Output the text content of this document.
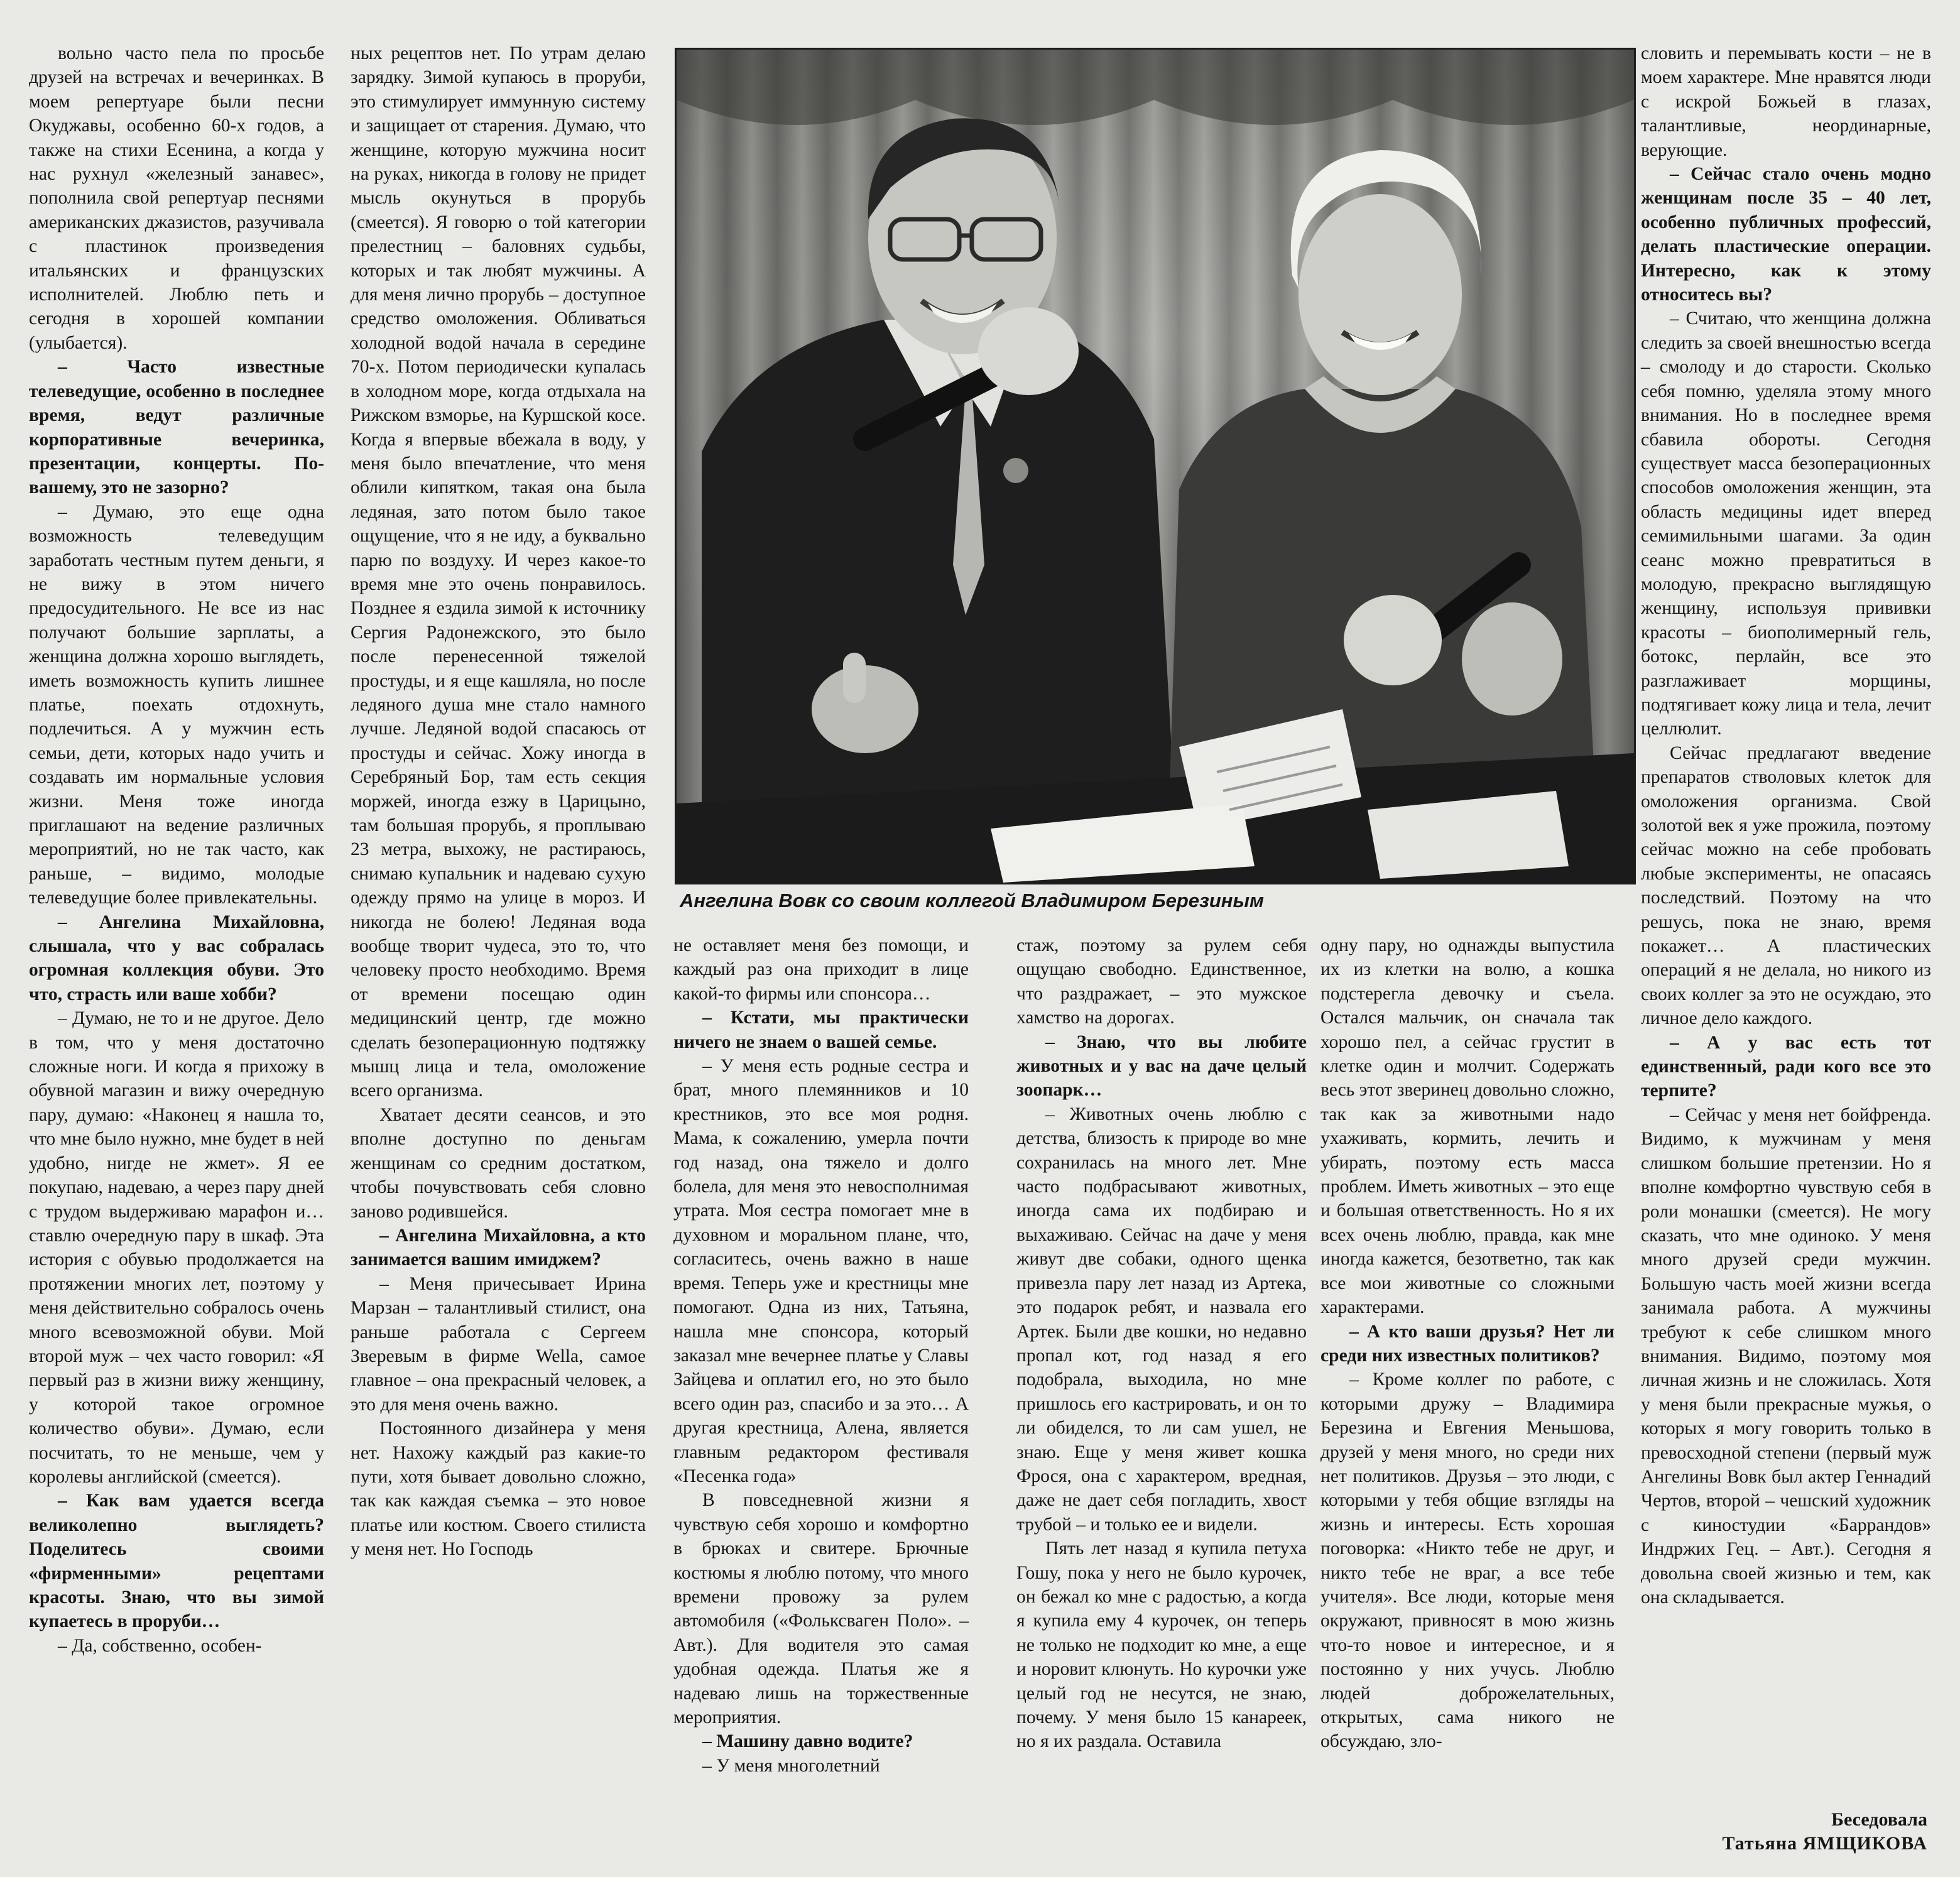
вольно часто пела по просьбе друзей на встречах и вечеринках. В моем репертуаре были песни Окуджавы, особенно 60-х годов, а также на стихи Есенина, а когда у нас рухнул «железный занавес», пополнила свой репертуар песнями американских джазистов, разучивала с пластинок произведения итальянских и французских исполнителей. Люблю петь и сегодня в хорошей компании (улыбается).

– Часто известные телеведущие, особенно в последнее время, ведут различные корпоративные вечеринка, презентации, концерты. По-вашему, это не зазорно?

– Думаю, это еще одна возможность телеведущим заработать честным путем деньги, я не вижу в этом ничего предосудительного. Не все из нас получают большие зарплаты, а женщина должна хорошо выглядеть, иметь возможность купить лишнее платье, поехать отдохнуть, подлечиться. А у мужчин есть семьи, дети, которых надо учить и создавать им нормальные условия жизни. Меня тоже иногда приглашают на ведение различных мероприятий, но не так часто, как раньше, – видимо, молодые телеведущие более привлекательны.

– Ангелина Михайловна, слышала, что у вас собралась огромная коллекция обуви. Это что, страсть или ваше хобби?

– Думаю, не то и не другое. Дело в том, что у меня достаточно сложные ноги. И когда я прихожу в обувной магазин и вижу очередную пару, думаю: «Наконец я нашла то, что мне было нужно, мне будет в ней удобно, нигде не жмет». Я ее покупаю, надеваю, а через пару дней с трудом выдерживаю марафон и… ставлю очередную пару в шкаф. Эта история с обувью продолжается на протяжении многих лет, поэтому у меня действительно собралось очень много всевозможной обуви. Мой второй муж – чех часто говорил: «Я первый раз в жизни вижу женщину, у которой такое огромное количество обуви». Думаю, если посчитать, то не меньше, чем у королевы английской (смеется).

– Как вам удается всегда великолепно выглядеть? Поделитесь своими «фирменными» рецептами красоты. Знаю, что вы зимой купаетесь в проруби…

– Да, собственно, особен-

ных рецептов нет. По утрам делаю зарядку. Зимой купаюсь в проруби, это стимулирует иммунную систему и защищает от старения. Думаю, что женщине, которую мужчина носит на руках, никогда в голову не придет мысль окунуться в прорубь (смеется). Я говорю о той категории прелестниц – баловнях судьбы, которых и так любят мужчины. А для меня лично прорубь – доступное средство омоложения. Обливаться холодной водой начала в середине 70-х. Потом периодически купалась в холодном море, когда отдыхала на Рижском взморье, на Куршской косе. Когда я впервые вбежала в воду, у меня было впечатление, что меня облили кипятком, такая она была ледяная, зато потом было такое ощущение, что я не иду, а буквально парю по воздуху. И через какое-то время мне это очень понравилось. Позднее я ездила зимой к источнику Сергия Радонежского, это было после перенесенной тяжелой простуды, и я еще кашляла, но после ледяного душа мне стало намного лучше. Ледяной водой спасаюсь от простуды и сейчас. Хожу иногда в Серебряный Бор, там есть секция моржей, иногда езжу в Царицыно, там большая прорубь, я проплываю 23 метра, выхожу, не растираюсь, снимаю купальник и надеваю сухую одежду прямо на улице в мороз. И никогда не болею! Ледяная вода вообще творит чудеса, это то, что человеку просто необходимо. Время от времени посещаю один медицинский центр, где можно сделать безоперационную подтяжку мышц лица и тела, омоложение всего организма.

Хватает десяти сеансов, и это вполне доступно по деньгам женщинам со средним достатком, чтобы почувствовать себя словно заново родившейся.

– Ангелина Михайловна, а кто занимается вашим имиджем?

– Меня причесывает Ирина Марзан – талантливый стилист, она раньше работала с Сергеем Зверевым в фирме Wella, самое главное – она прекрасный человек, а это для меня очень важно.

Постоянного дизайнера у меня нет. Нахожу каждый раз какие-то пути, хотя бывает довольно сложно, так как каждая съемка – это новое платье или костюм. Своего стилиста у меня нет. Но Господь

Ангелина Вовк со своим коллегой Владимиром Березиным

не оставляет меня без помощи, и каждый раз она приходит в лице какой-то фирмы или спонсора…

– Кстати, мы практически ничего не знаем о вашей семье.

– У меня есть родные сестра и брат, много племянников и 10 крестников, это все моя родня. Мама, к сожалению, умерла почти год назад, она тяжело и долго болела, для меня это невосполнимая утрата. Моя сестра помогает мне в духовном и моральном плане, что, согласитесь, очень важно в наше время. Теперь уже и крестницы мне помогают. Одна из них, Татьяна, нашла мне спонсора, который заказал мне вечернее платье у Славы Зайцева и оплатил его, но это было всего один раз, спасибо и за это… А другая крестница, Алена, является главным редактором фестиваля «Песенка года»

В повседневной жизни я чувствую себя хорошо и комфортно в брюках и свитере. Брючные костюмы я люблю потому, что много времени провожу за рулем автомобиля («Фольксваген Поло». – Авт.). Для водителя это самая удобная одежда. Платья же я надеваю лишь на торжественные мероприятия.

– Машину давно водите?

– У меня многолетний

стаж, поэтому за рулем себя ощущаю свободно. Единственное, что раздражает, – это мужское хамство на дорогах.

– Знаю, что вы любите животных и у вас на даче целый зоопарк…

– Животных очень люблю с детства, близость к природе во мне сохранилась на много лет. Мне часто подбрасывают животных, иногда сама их подбираю и выхаживаю. Сейчас на даче у меня живут две собаки, одного щенка привезла пару лет назад из Артека, это подарок ребят, и назвала его Артек. Были две кошки, но недавно пропал кот, год назад я его подобрала, выходила, но мне пришлось его кастрировать, и он то ли обиделся, то ли сам ушел, не знаю. Еще у меня живет кошка Фрося, она с характером, вредная, даже не дает себя погладить, хвост трубой – и только ее и видели.

Пять лет назад я купила петуха Гошу, пока у него не было курочек, он бежал ко мне с радостью, а когда я купила ему 4 курочек, он теперь не только не подходит ко мне, а еще и норовит клюнуть. Но курочки уже целый год не несутся, не знаю, почему. У меня было 15 канареек, но я их раздала. Оставила

одну пару, но однажды выпустила их из клетки на волю, а кошка подстерегла девочку и съела. Остался мальчик, он сначала так хорошо пел, а сейчас грустит в клетке один и молчит. Содержать весь этот зверинец довольно сложно, так как за животными надо ухаживать, кормить, лечить и убирать, поэтому есть масса проблем. Иметь животных – это еще и большая ответственность. Но я их всех очень люблю, правда, как мне иногда кажется, безответно, так как все мои животные со сложными характерами.

– А кто ваши друзья? Нет ли среди них известных политиков?

– Кроме коллег по работе, с которыми дружу – Владимира Березина и Евгения Меньшова, друзей у меня много, но среди них нет политиков. Друзья – это люди, с которыми у тебя общие взгляды на жизнь и интересы. Есть хорошая поговорка: «Никто тебе не друг, и никто тебе не враг, а все тебе учителя». Все люди, которые меня окружают, привносят в мою жизнь что-то новое и интересное, и я постоянно у них учусь. Люблю людей доброжелательных, открытых, сама никого не обсуждаю, зло-

словить и перемывать кости – не в моем характере. Мне нравятся люди с искрой Божьей в глазах, талантливые, неординарные, верующие.

– Сейчас стало очень модно женщинам после 35 – 40 лет, особенно публичных профессий, делать пластические операции. Интересно, как к этому относитесь вы?

– Считаю, что женщина должна следить за своей внешностью всегда – смолоду и до старости. Сколько себя помню, уделяла этому много внимания. Но в последнее время сбавила обороты. Сегодня существует масса безоперационных способов омоложения женщин, эта область медицины идет вперед семимильными шагами. За один сеанс можно превратиться в молодую, прекрасно выглядящую женщину, используя прививки красоты – биополимерный гель, ботокс, перлайн, все это разглаживает морщины, подтягивает кожу лица и тела, лечит целлюлит.

Сейчас предлагают введение препаратов стволовых клеток для омоложения организма. Свой золотой век я уже прожила, поэтому сейчас можно на себе пробовать любые эксперименты, не опасаясь последствий. Поэтому на что решусь, пока не знаю, время покажет… А пластических операций я не делала, но никого из своих коллег за это не осуждаю, это личное дело каждого.

– А у вас есть тот единственный, ради кого все это терпите?

– Сейчас у меня нет бойфренда. Видимо, к мужчинам у меня слишком большие претензии. Но я вполне комфортно чувствую себя в роли монашки (смеется). Не могу сказать, что мне одиноко. У меня много друзей среди мужчин. Большую часть моей жизни всегда занимала работа. А мужчины требуют к себе слишком много внимания. Видимо, поэтому моя личная жизнь и не сложилась. Хотя у меня были прекрасные мужья, о которых я могу говорить только в превосходной степени (первый муж Ангелины Вовк был актер Геннадий Чертов, второй – чешский художник с киностудии «Баррандов» Индржих Гец. – Авт.). Сегодня я довольна своей жизнью и тем, как она складывается.

Беседовала
Татьяна ЯМЩИКОВА
